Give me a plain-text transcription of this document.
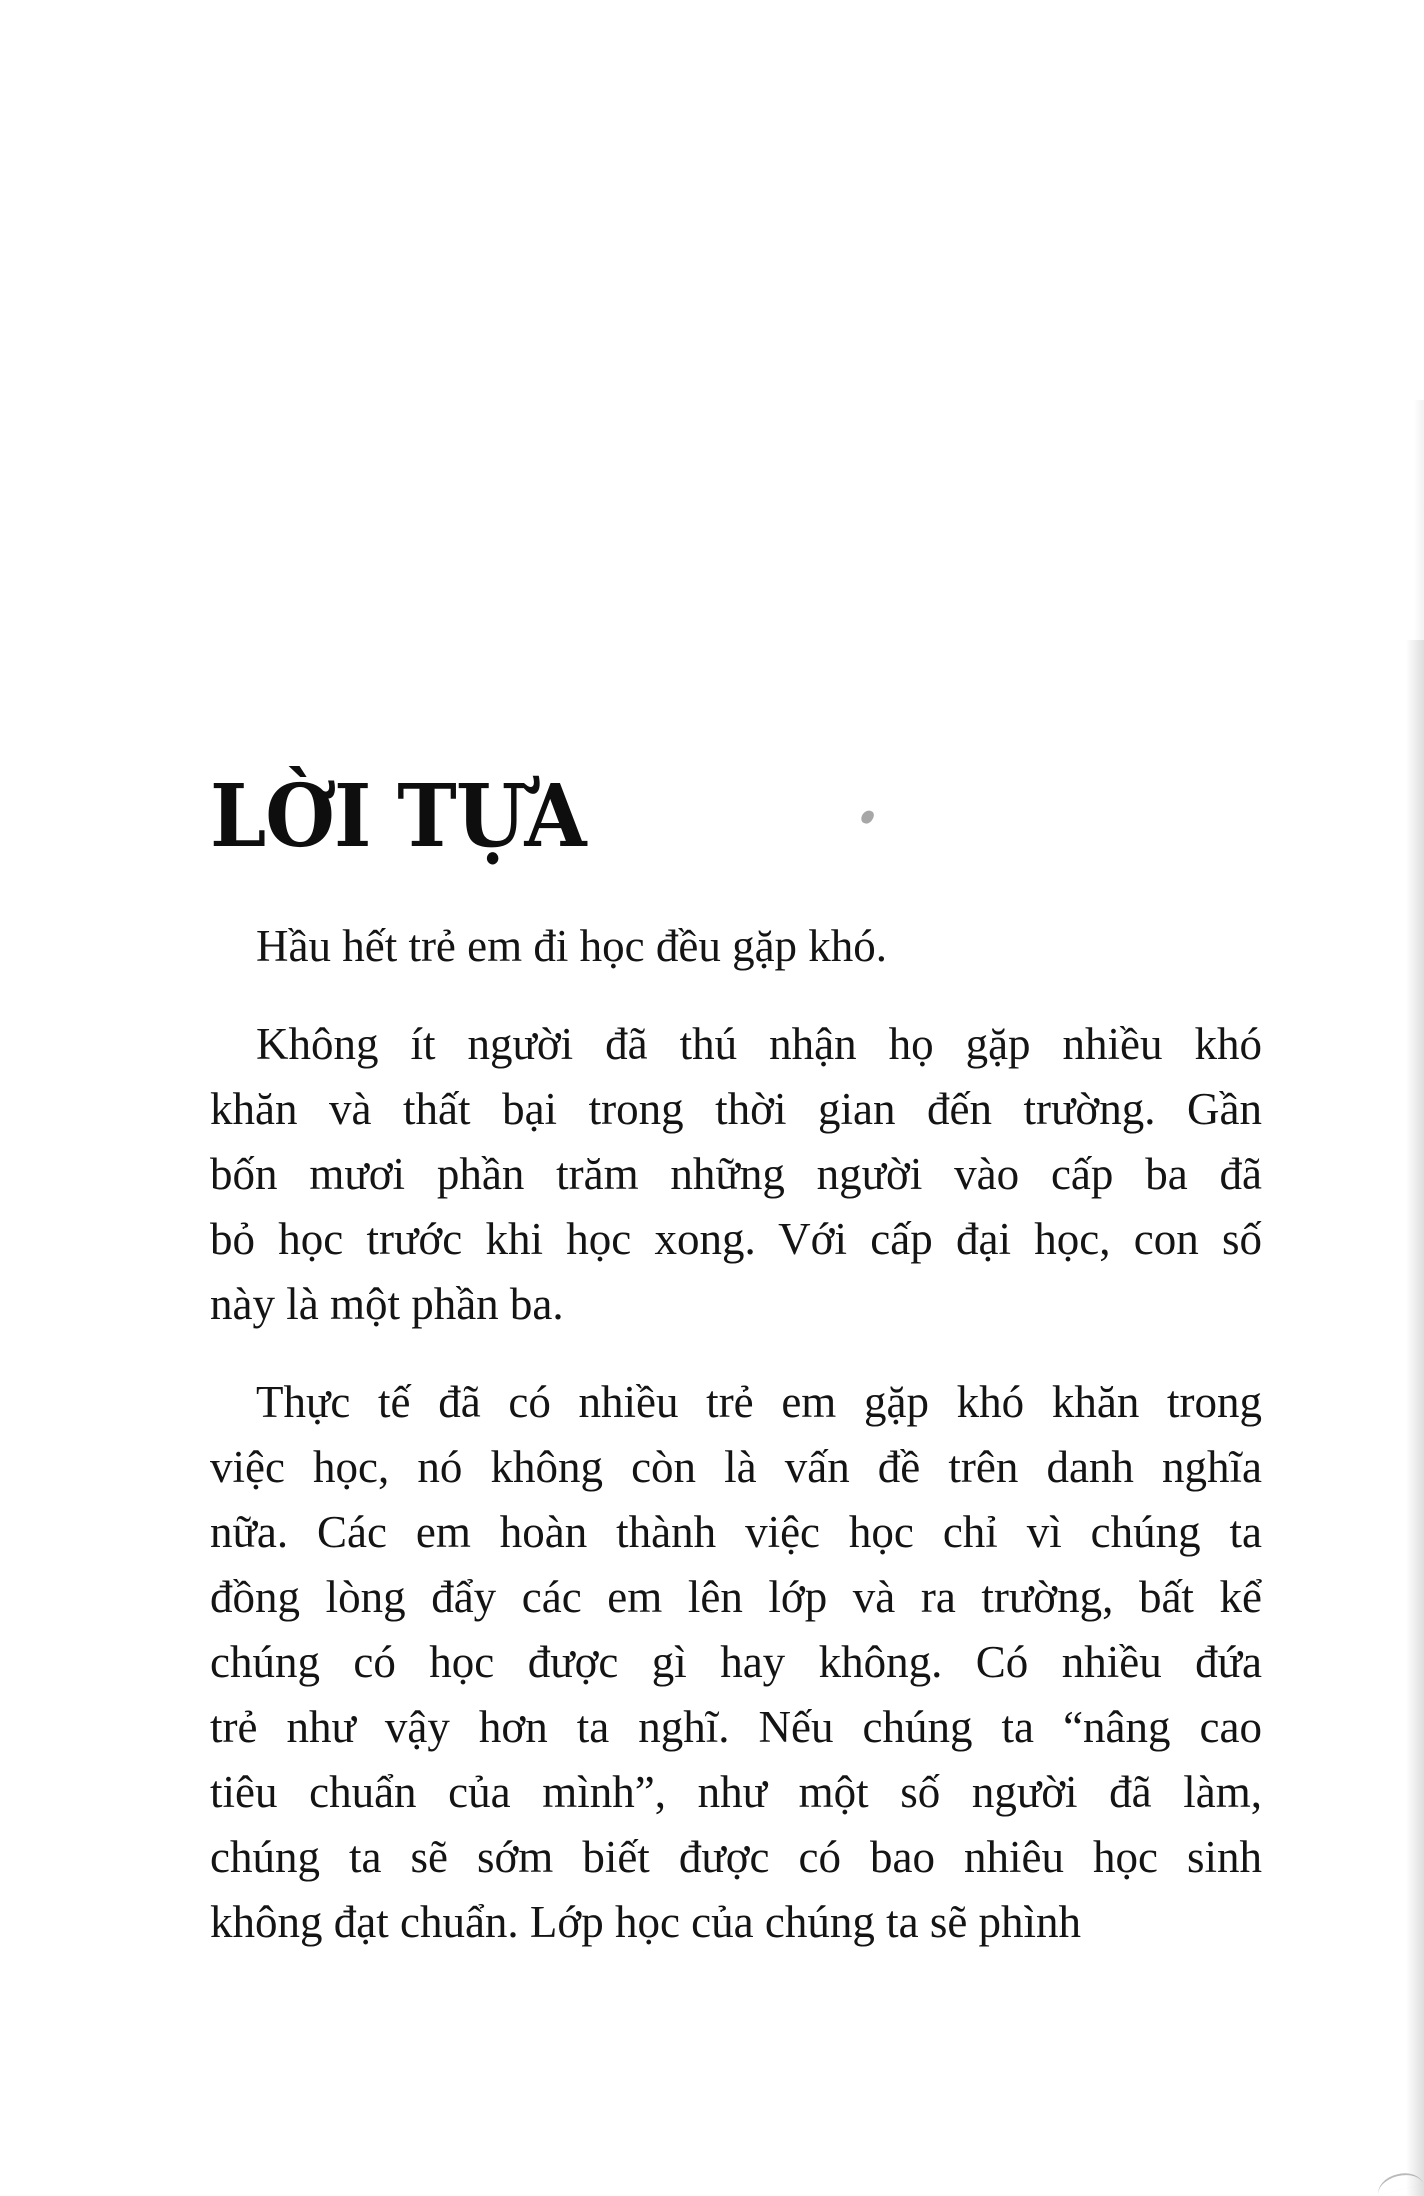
LỜI TỰA
Hầu hết trẻ em đi học đều gặp khó.
Không ít người đã thú nhận họ gặp nhiều khó
khăn và thất bại trong thời gian đến trường. Gần
bốn mươi phần trăm những người vào cấp ba đã
bỏ học trước khi học xong. Với cấp đại học, con số
này là một phần ba.
Thực tế đã có nhiều trẻ em gặp khó khăn trong
việc học, nó không còn là vấn đề trên danh nghĩa
nữa. Các em hoàn thành việc học chỉ vì chúng ta
đồng lòng đẩy các em lên lớp và ra trường, bất kể
chúng có học được gì hay không. Có nhiều đứa
trẻ như vậy hơn ta nghĩ. Nếu chúng ta “nâng cao
tiêu chuẩn của mình”, như một số người đã làm,
chúng ta sẽ sớm biết được có bao nhiêu học sinh
không đạt chuẩn. Lớp học của chúng ta sẽ phình
